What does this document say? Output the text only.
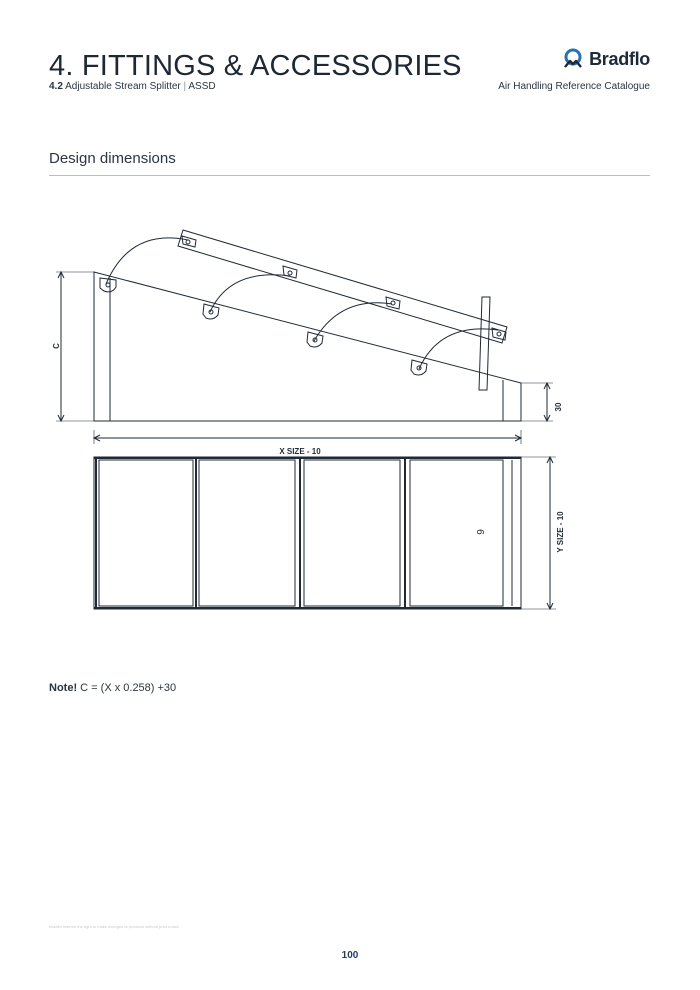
4. FITTINGS & ACCESSORIES
4.2 Adjustable Stream Splitter | ASSD
Bradflo
Air Handling Reference Catalogue
Design dimensions
C
30
X SIZE - 10
Y SIZE - 10
9
Note! C = (X x 0.258) +30
Bradflo reserve the right to make changes to products without prior notice
100
